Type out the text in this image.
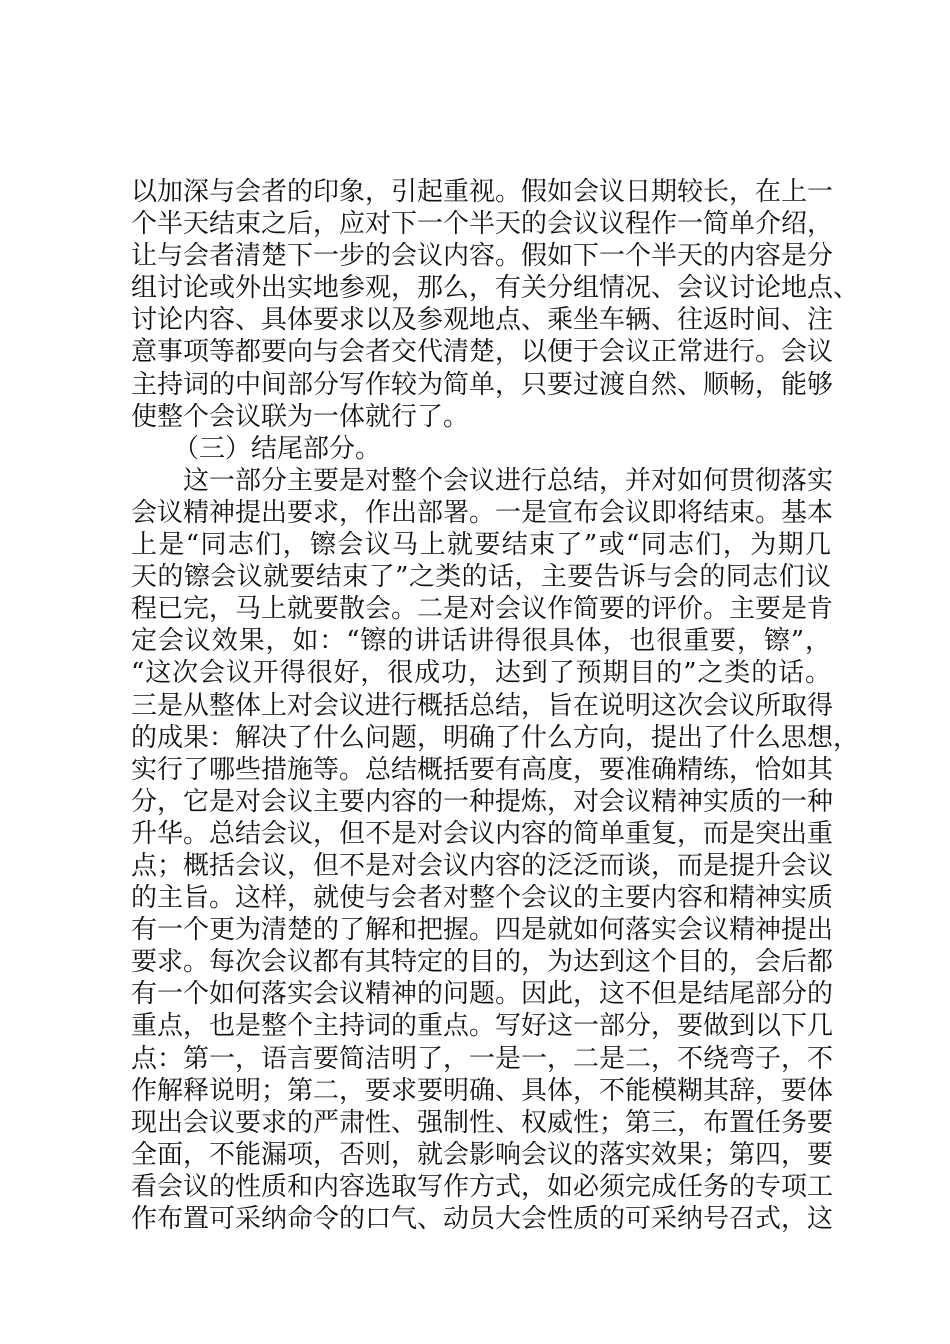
以加深与会者的印象，引起重视。假如会议日期较长，在上一
个半天结束之后，应对下一个半天的会议议程作一简单介绍，
让与会者清楚下一步的会议内容。假如下一个半天的内容是分
组讨论或外出实地参观，那么，有关分组情况、会议讨论地点、
讨论内容、具体要求以及参观地点、乘坐车辆、往返时间、注
意事项等都要向与会者交代清楚，以便于会议正常进行。会议
主持词的中间部分写作较为简单，只要过渡自然、顺畅，能够
使整个会议联为一体就行了。
（三）结尾部分。
这一部分主要是对整个会议进行总结，并对如何贯彻落实
会议精神提出要求，作出部署。一是宣布会议即将结束。基本
上是“同志们，镲会议马上就要结束了”或“同志们，为期几
天的镲会议就要结束了”之类的话，主要告诉与会的同志们议
程已完，马上就要散会。二是对会议作简要的评价。主要是肯
定会议效果，如：“镲的讲话讲得很具体，也很重要，镲”，
“这次会议开得很好，很成功，达到了预期目的”之类的话。
三是从整体上对会议进行概括总结，旨在说明这次会议所取得
的成果：解决了什么问题，明确了什么方向，提出了什么思想，
实行了哪些措施等。总结概括要有高度，要准确精练，恰如其
分，它是对会议主要内容的一种提炼，对会议精神实质的一种
升华。总结会议，但不是对会议内容的简单重复，而是突出重
点；概括会议，但不是对会议内容的泛泛而谈，而是提升会议
的主旨。这样，就使与会者对整个会议的主要内容和精神实质
有一个更为清楚的了解和把握。四是就如何落实会议精神提出
要求。每次会议都有其特定的目的，为达到这个目的，会后都
有一个如何落实会议精神的问题。因此，这不但是结尾部分的
重点，也是整个主持词的重点。写好这一部分，要做到以下几
点：第一，语言要简洁明了，一是一，二是二，不绕弯子，不
作解释说明；第二，要求要明确、具体，不能模糊其辞，要体
现出会议要求的严肃性、强制性、权威性；第三，布置任务要
全面，不能漏项，否则，就会影响会议的落实效果；第四，要
看会议的性质和内容选取写作方式，如必须完成任务的专项工
作布置可采纳命令的口气、动员大会性质的可采纳号召式，这
